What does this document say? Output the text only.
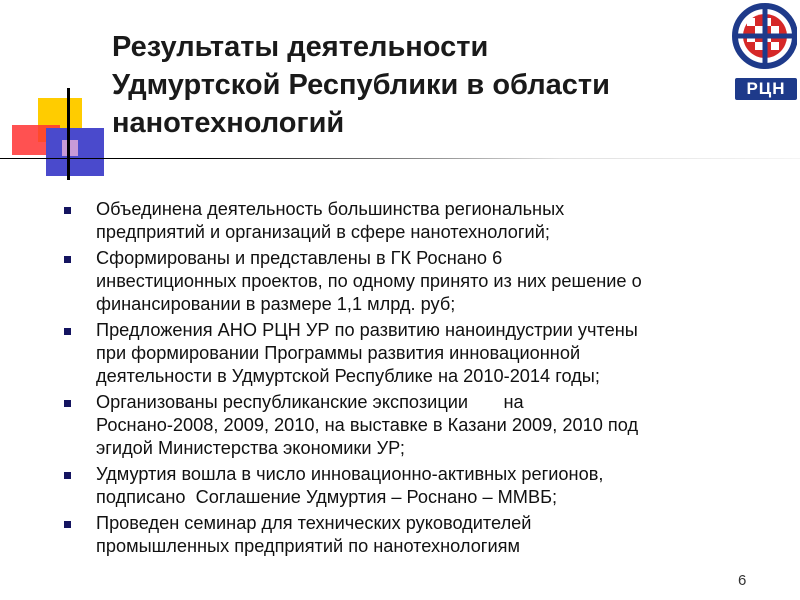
Результаты деятельности
Удмуртской Республики в области
нанотехнологий
РЦН
Объединена деятельность большинства региональных
предприятий и организаций в сфере нанотехнологий;
Сформированы и представлены в ГК Роснано 6
инвестиционных проектов, по одному принято из них решение о
финансировании в размере 1,1 млрд. руб;
Предложения АНО РЦН УР по развитию наноиндустрии учтены
при формировании Программы развития инновационной
деятельности в Удмуртской Республике на 2010-2014 годы;
Организованы республиканские экспозиции       на
Роснано-2008, 2009, 2010, на выставке в Казани 2009, 2010 под
эгидой Министерства экономики УР;
Удмуртия вошла в число инновационно-активных регионов,
подписано  Соглашение Удмуртия – Роснано – ММВБ;
Проведен семинар для технических руководителей
промышленных предприятий по нанотехнологиям
6
